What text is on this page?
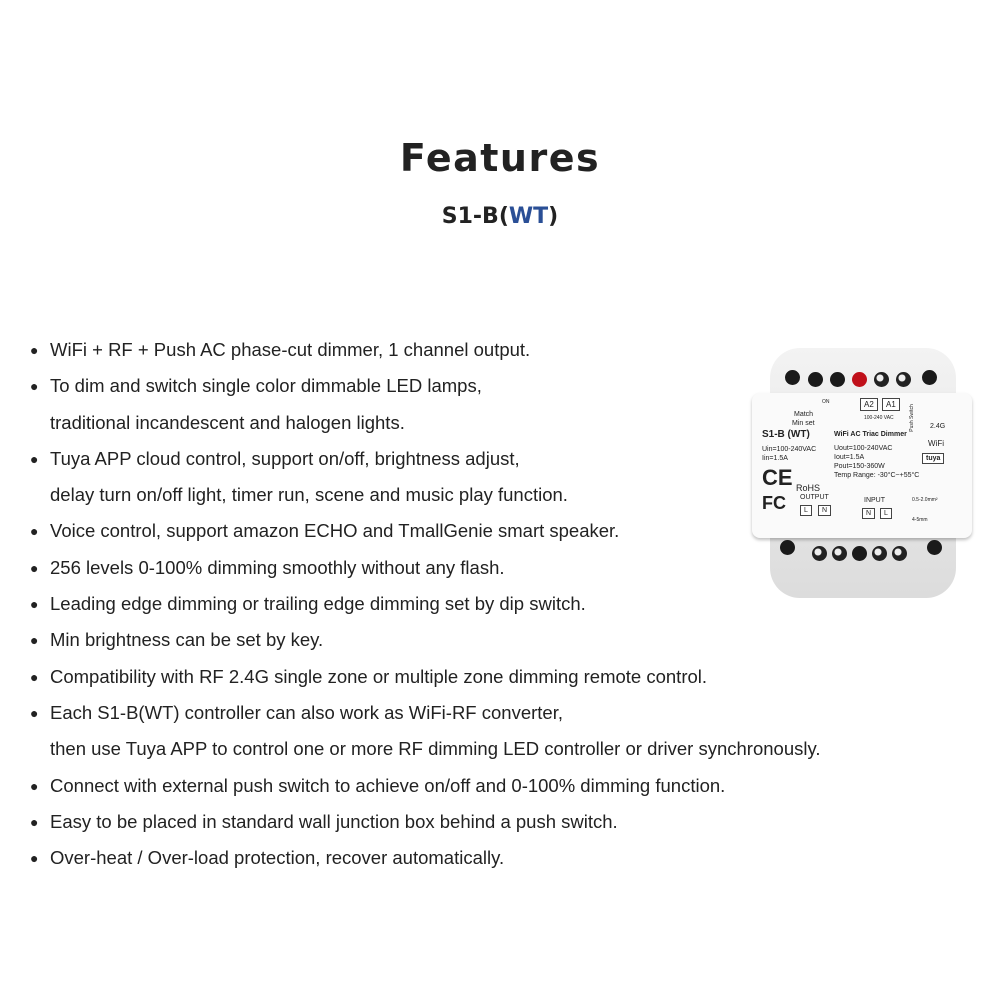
Features
S1-B(WT)
● WiFi + RF + Push AC phase-cut dimmer, 1 channel output.
● To dim and switch single color dimmable LED lamps,
traditional incandescent and halogen lights.
● Tuya APP cloud control, support on/off, brightness adjust,
delay turn on/off light, timer run, scene and music play function.
● Voice control, support amazon ECHO and TmallGenie smart speaker.
● 256 levels 0-100% dimming smoothly without any flash.
● Leading edge dimming or trailing edge dimming set by dip switch.
● Min brightness can be set by key.
● Compatibility with RF 2.4G single zone or multiple zone dimming remote control.
● Each S1-B(WT) controller can also work as WiFi-RF converter,
then use Tuya APP to control one or more RF dimming LED controller or driver synchronously.
● Connect with external push switch to achieve on/off and 0-100% dimming function.
● Easy to be placed in standard wall junction box behind a push switch.
● Over-heat / Over-load protection, recover automatically.
Match
Min set
ON	A2	A1
100-240 VAC	Push Switch 2.4G
S1-B (WT)	WiFi AC Triac Dimmer
WiFi
tuya
Uin=100-240VAC
Iin=1.5A
Uout=100-240VAC
Iout=1.5A
Pout=150-360W
Temp Range: -30°C~+55°C
CE RoHS
FC OUTPUT
L	N
INPUT
N	L
0.5-2.0mm²
4-5mm
